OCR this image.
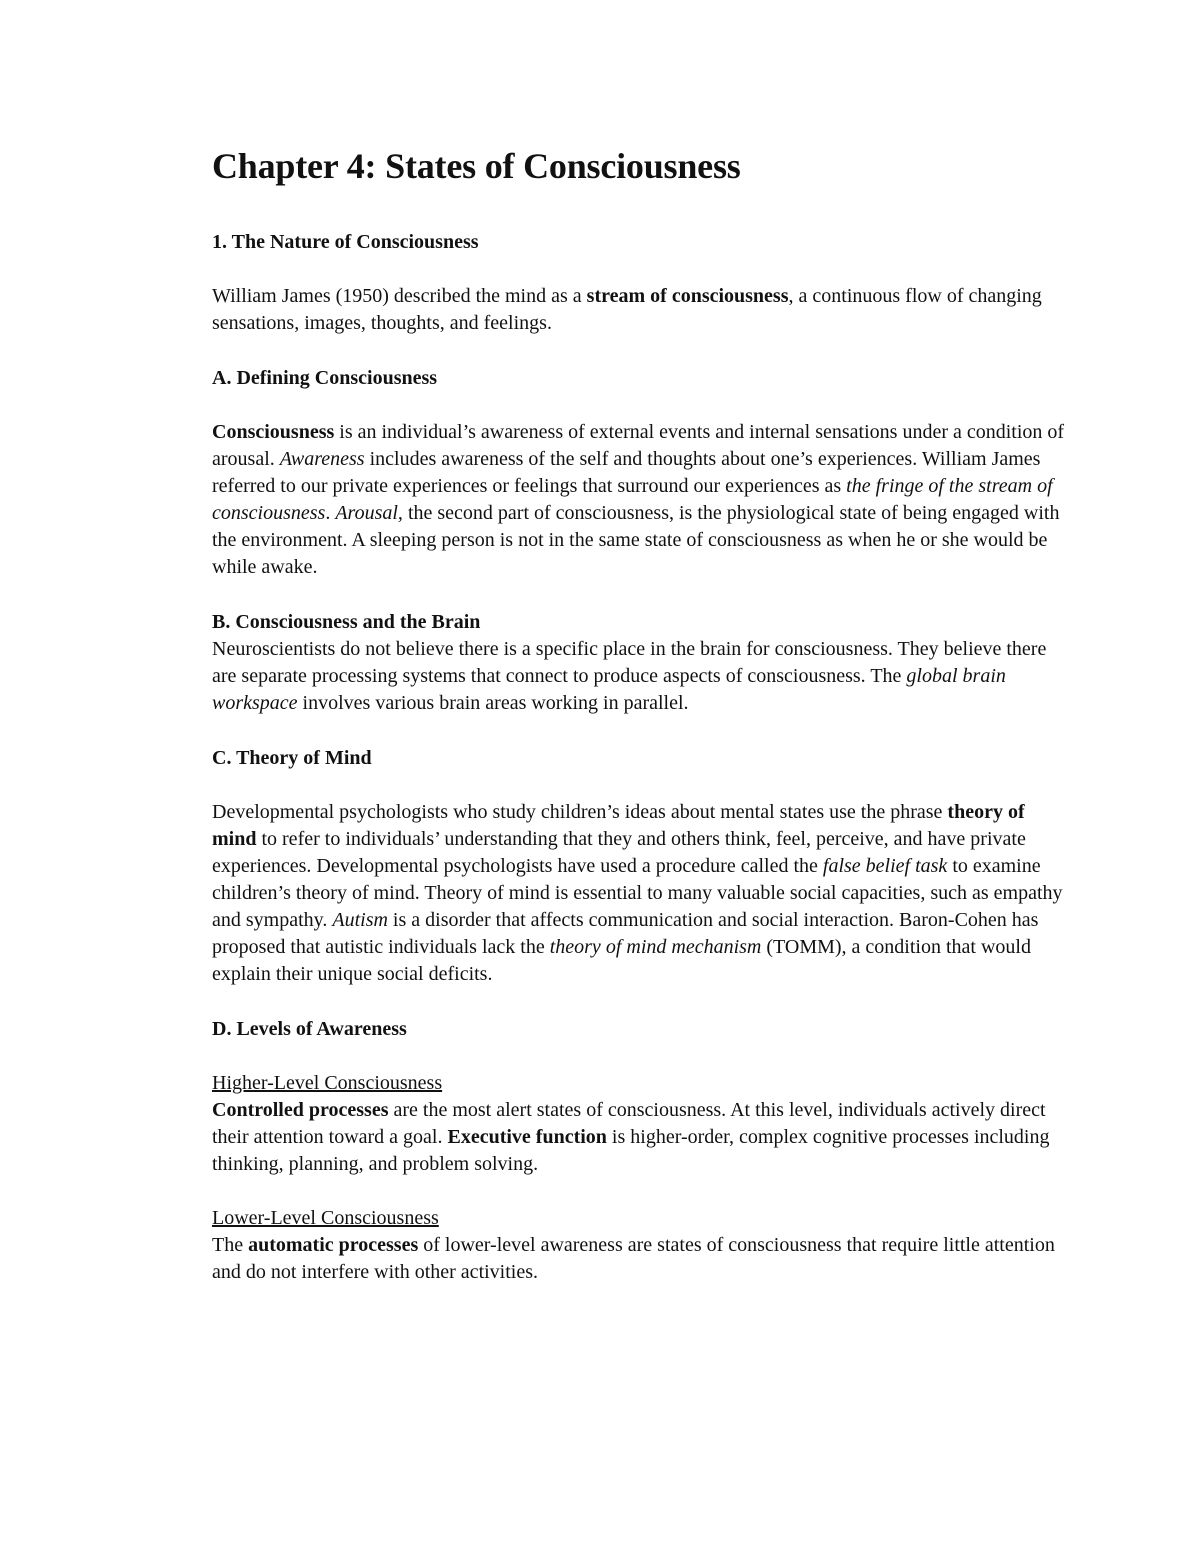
Chapter 4: States of Consciousness
1. The Nature of Consciousness

William James (1950) described the mind as a stream of consciousness, a continuous flow of changing sensations, images, thoughts, and feelings.

A. Defining Consciousness

Consciousness is an individual’s awareness of external events and internal sensations under a condition of arousal. Awareness includes awareness of the self and thoughts about one’s experiences. William James referred to our private experiences or feelings that surround our experiences as the fringe of the stream of consciousness. Arousal, the second part of consciousness, is the physiological state of being engaged with the environment. A sleeping person is not in the same state of consciousness as when he or she would be while awake.

B. Consciousness and the Brain

Neuroscientists do not believe there is a specific place in the brain for consciousness. They believe there are separate processing systems that connect to produce aspects of consciousness. The global brain workspace involves various brain areas working in parallel.

C. Theory of Mind

Developmental psychologists who study children’s ideas about mental states use the phrase theory of mind to refer to individuals’ understanding that they and others think, feel, perceive, and have private experiences. Developmental psychologists have used a procedure called the false belief task to examine children’s theory of mind. Theory of mind is essential to many valuable social capacities, such as empathy and sympathy. Autism is a disorder that affects communication and social interaction. Baron-Cohen has proposed that autistic individuals lack the theory of mind mechanism (TOMM), a condition that would explain their unique social deficits.

D. Levels of Awareness
Higher-Level Consciousness

Controlled processes are the most alert states of consciousness. At this level, individuals actively direct their attention toward a goal. Executive function is higher-order, complex cognitive processes including thinking, planning, and problem solving.

Lower-Level Consciousness

The automatic processes of lower-level awareness are states of consciousness that require little attention and do not interfere with other activities.
